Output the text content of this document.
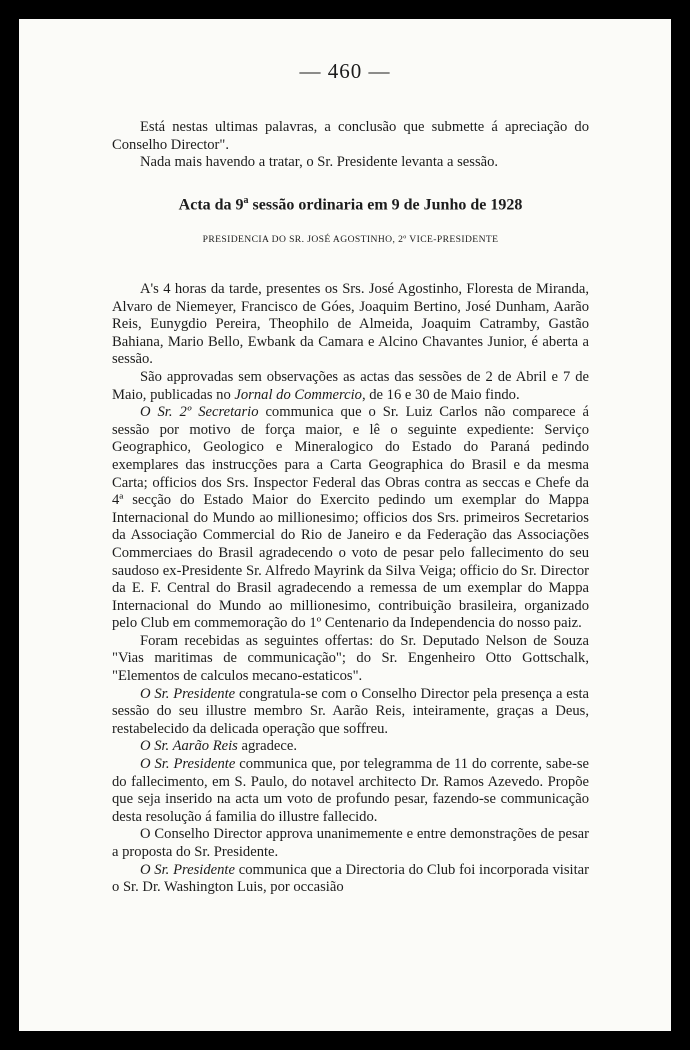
— 460 —

Está nestas ultimas palavras, a conclusão que submette á apreciação do Conselho Director".

Nada mais havendo a tratar, o Sr. Presidente levanta a sessão.

Acta da 9$^a$ sessão ordinaria em 9 de Junho de 1928
PRESIDENCIA DO SR. JOSÉ AGOSTINHO, 2º VICE-PRESIDENTE

A's 4 horas da tarde, presentes os Srs. José Agostinho, Floresta de Miranda, Alvaro de Niemeyer, Francisco de Góes, Joaquim Bertino, José Dunham, Aarão Reis, Eunygdio Pereira, Theophilo de Almeida, Joaquim Catramby, Gastão Bahiana, Mario Bello, Ewbank da Camara e Alcino Chavantes Junior, é aberta a sessão.

São approvadas sem observações as actas das sessões de 2 de Abril e 7 de Maio, publicadas no Jornal do Commercio, de 16 e 30 de Maio findo.

O Sr. 2º Secretario communica que o Sr. Luiz Carlos não comparece á sessão por motivo de força maior, e lê o seguinte expediente: Serviço Geographico, Geologico e Mineralogico do Estado do Paraná pedindo exemplares das instrucções para a Carta Geographica do Brasil e da mesma Carta; officios dos Srs. Inspector Federal das Obras contra as seccas e Chefe da 4ª secção do Estado Maior do Exercito pedindo um exemplar do Mappa Internacional do Mundo ao millionesimo; officios dos Srs. primeiros Secretarios da Associação Commercial do Rio de Janeiro e da Federação das Associações Commerciaes do Brasil agradecendo o voto de pesar pelo fallecimento do seu saudoso ex-Presidente Sr. Alfredo Mayrink da Silva Veiga; officio do Sr. Director da E. F. Central do Brasil agradecendo a remessa de um exemplar do Mappa Internacional do Mundo ao millionesimo, contribuição brasileira, organizado pelo Club em commemoração do 1º Centenario da Independencia do nosso paiz.

Foram recebidas as seguintes offertas: do Sr. Deputado Nelson de Souza "Vias maritimas de communicação"; do Sr. Engenheiro Otto Gottschalk, "Elementos de calculos mecano-estaticos".

O Sr. Presidente congratula-se com o Conselho Director pela presença a esta sessão do seu illustre membro Sr. Aarão Reis, inteiramente, graças a Deus, restabelecido da delicada operação que soffreu.

O Sr. Aarão Reis agradece.

O Sr. Presidente communica que, por telegramma de 11 do corrente, sabe-se do fallecimento, em S. Paulo, do notavel architecto Dr. Ramos Azevedo. Propõe que seja inserido na acta um voto de profundo pesar, fazendo-se communicação desta resolução á familia do illustre fallecido.

O Conselho Director approva unanimemente e entre demonstrações de pesar a proposta do Sr. Presidente.

O Sr. Presidente communica que a Directoria do Club foi incorporada visitar o Sr. Dr. Washington Luis, por occasião
